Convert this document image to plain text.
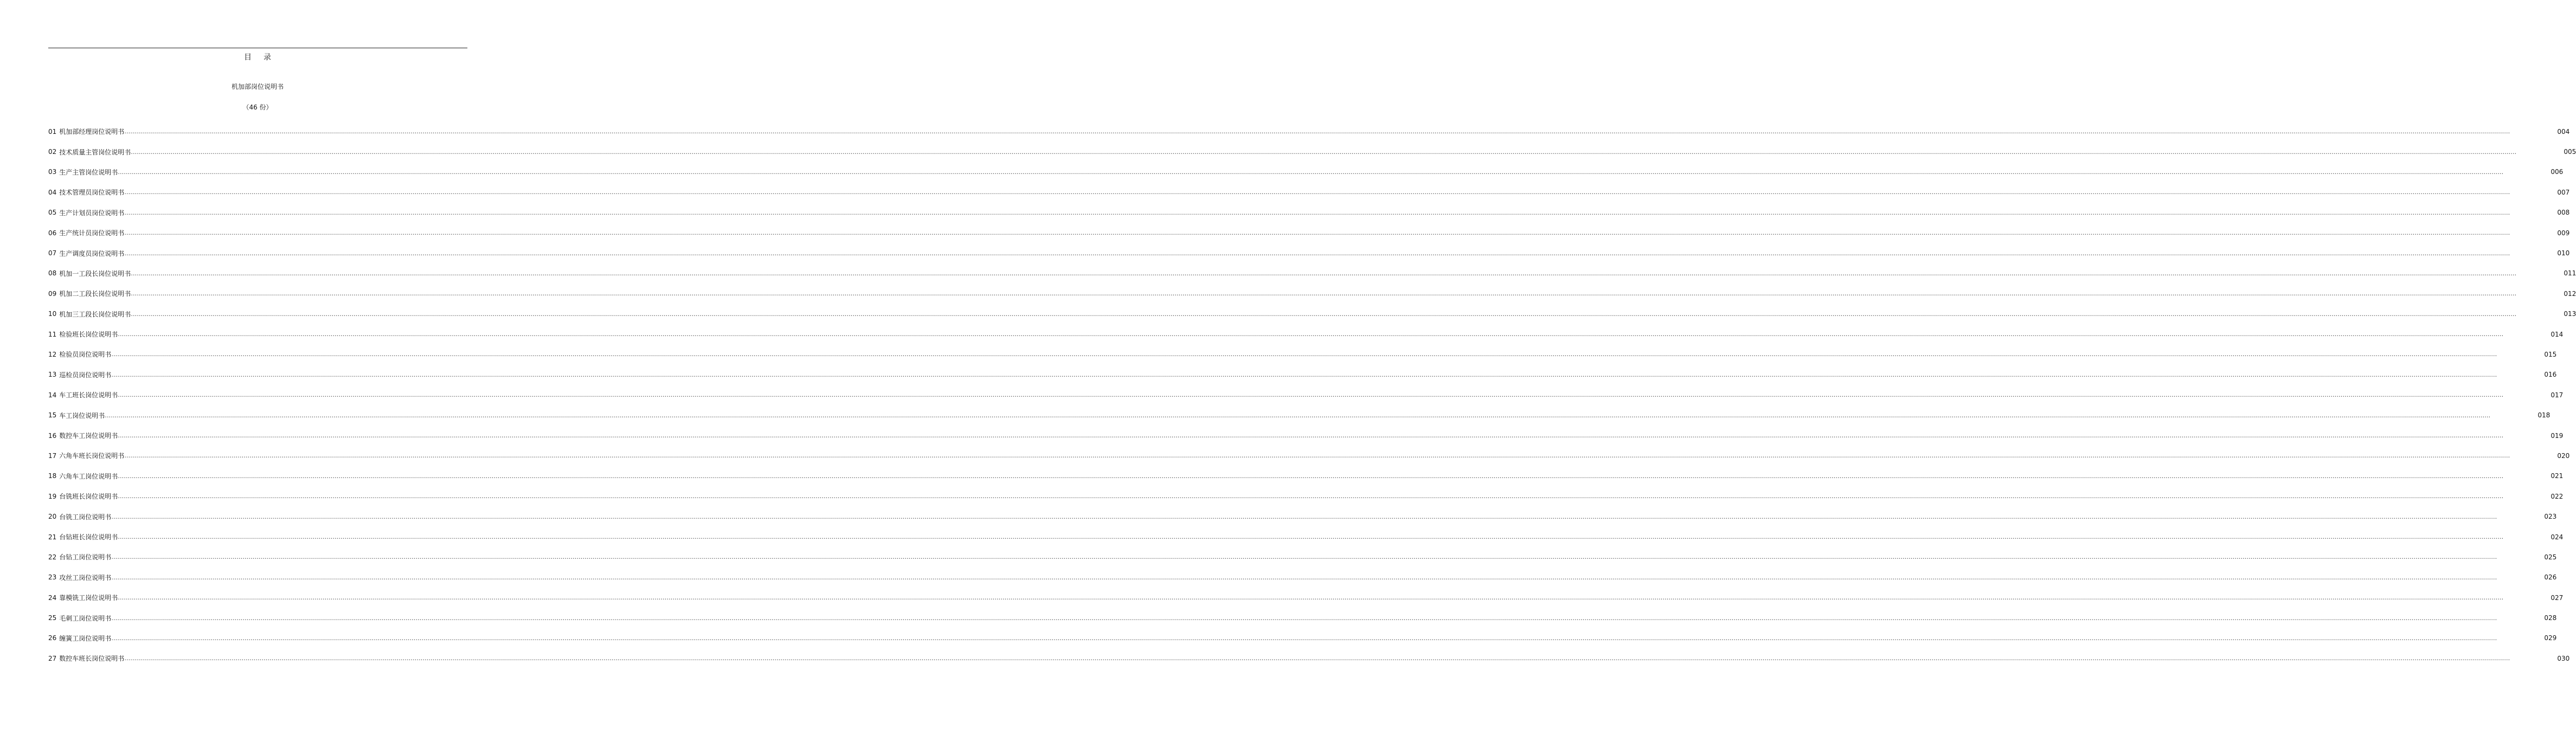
目录
机加部岗位说明书
（46 份）
01 机加部经理岗位说明书 …………………………………………………………………………………………………………………………………………………………………………………………………………………………………………………………………………………………………………………………………………………………………………………………………………………………………………………………………………………………………………………………………………………………………………………………………………………………………………………………………………………………………………………………………………………………………………………………………………………………………………………………………………………………………………………………………………………………………………………………………………………………………………………………………………………………………………	004
02 技术质量主管岗位说明书 …………………………………………………………………………………………………………………………………………………………………………………………………………………………………………………………………………………………………………………………………………………………………………………………………………………………………………………………………………………………………………………………………………………………………………………………………………………………………………………………………………………………………………………………………………………………………………………………………………………………………………………………………………………………………………………………………………………………………………………………………………………………………………………………………………………………………………	005
03 生产主管岗位说明书 …………………………………………………………………………………………………………………………………………………………………………………………………………………………………………………………………………………………………………………………………………………………………………………………………………………………………………………………………………………………………………………………………………………………………………………………………………………………………………………………………………………………………………………………………………………………………………………………………………………………………………………………………………………………………………………………………………………………………………………………………………………………………………………………………………………………………………	006
04 技术管理员岗位说明书 …………………………………………………………………………………………………………………………………………………………………………………………………………………………………………………………………………………………………………………………………………………………………………………………………………………………………………………………………………………………………………………………………………………………………………………………………………………………………………………………………………………………………………………………………………………………………………………………………………………………………………………………………………………………………………………………………………………………………………………………………………………………………………………………………………………………………………	007
05 生产计划员岗位说明书 …………………………………………………………………………………………………………………………………………………………………………………………………………………………………………………………………………………………………………………………………………………………………………………………………………………………………………………………………………………………………………………………………………………………………………………………………………………………………………………………………………………………………………………………………………………………………………………………………………………………………………………………………………………………………………………………………………………………………………………………………………………………………………………………………………………………………………	008
06 生产统计员岗位说明书 …………………………………………………………………………………………………………………………………………………………………………………………………………………………………………………………………………………………………………………………………………………………………………………………………………………………………………………………………………………………………………………………………………………………………………………………………………………………………………………………………………………………………………………………………………………………………………………………………………………………………………………………………………………………………………………………………………………………………………………………………………………………………………………………………………………………………………	009
07 生产调度员岗位说明书 …………………………………………………………………………………………………………………………………………………………………………………………………………………………………………………………………………………………………………………………………………………………………………………………………………………………………………………………………………………………………………………………………………………………………………………………………………………………………………………………………………………………………………………………………………………………………………………………………………………………………………………………………………………………………………………………………………………………………………………………………………………………………………………………………………………………………………	010
08 机加一工段长岗位说明书 …………………………………………………………………………………………………………………………………………………………………………………………………………………………………………………………………………………………………………………………………………………………………………………………………………………………………………………………………………………………………………………………………………………………………………………………………………………………………………………………………………………………………………………………………………………………………………………………………………………………………………………………………………………………………………………………………………………………………………………………………………………………………………………………………………………………………………	011
09 机加二工段长岗位说明书 …………………………………………………………………………………………………………………………………………………………………………………………………………………………………………………………………………………………………………………………………………………………………………………………………………………………………………………………………………………………………………………………………………………………………………………………………………………………………………………………………………………………………………………………………………………………………………………………………………………………………………………………………………………………………………………………………………………………………………………………………………………………………………………………………………………………………………	012
10 机加三工段长岗位说明书 …………………………………………………………………………………………………………………………………………………………………………………………………………………………………………………………………………………………………………………………………………………………………………………………………………………………………………………………………………………………………………………………………………………………………………………………………………………………………………………………………………………………………………………………………………………………………………………………………………………………………………………………………………………………………………………………………………………………………………………………………………………………………………………………………………………………………………	013
11 检验班长岗位说明书 …………………………………………………………………………………………………………………………………………………………………………………………………………………………………………………………………………………………………………………………………………………………………………………………………………………………………………………………………………………………………………………………………………………………………………………………………………………………………………………………………………………………………………………………………………………………………………………………………………………………………………………………………………………………………………………………………………………………………………………………………………………………………………………………………………………………………………	014
12 检验员岗位说明书 …………………………………………………………………………………………………………………………………………………………………………………………………………………………………………………………………………………………………………………………………………………………………………………………………………………………………………………………………………………………………………………………………………………………………………………………………………………………………………………………………………………………………………………………………………………………………………………………………………………………………………………………………………………………………………………………………………………………………………………………………………………………………………………………………………………………………………	015
13 巡检员岗位说明书 …………………………………………………………………………………………………………………………………………………………………………………………………………………………………………………………………………………………………………………………………………………………………………………………………………………………………………………………………………………………………………………………………………………………………………………………………………………………………………………………………………………………………………………………………………………………………………………………………………………………………………………………………………………………………………………………………………………………………………………………………………………………………………………………………………………………………………	016
14 车工班长岗位说明书 …………………………………………………………………………………………………………………………………………………………………………………………………………………………………………………………………………………………………………………………………………………………………………………………………………………………………………………………………………………………………………………………………………………………………………………………………………………………………………………………………………………………………………………………………………………………………………………………………………………………………………………………………………………………………………………………………………………………………………………………………………………………………………………………………………………………………………	017
15 车工岗位说明书 …………………………………………………………………………………………………………………………………………………………………………………………………………………………………………………………………………………………………………………………………………………………………………………………………………………………………………………………………………………………………………………………………………………………………………………………………………………………………………………………………………………………………………………………………………………………………………………………………………………………………………………………………………………………………………………………………………………………………………………………………………………………………………………………………………………………………………	018
16 数控车工岗位说明书 …………………………………………………………………………………………………………………………………………………………………………………………………………………………………………………………………………………………………………………………………………………………………………………………………………………………………………………………………………………………………………………………………………………………………………………………………………………………………………………………………………………………………………………………………………………………………………………………………………………………………………………………………………………………………………………………………………………………………………………………………………………………………………………………………………………………………………	019
17 六角车班长岗位说明书 …………………………………………………………………………………………………………………………………………………………………………………………………………………………………………………………………………………………………………………………………………………………………………………………………………………………………………………………………………………………………………………………………………………………………………………………………………………………………………………………………………………………………………………………………………………………………………………………………………………………………………………………………………………………………………………………………………………………………………………………………………………………………………………………………………………………………………	020
18 六角车工岗位说明书 …………………………………………………………………………………………………………………………………………………………………………………………………………………………………………………………………………………………………………………………………………………………………………………………………………………………………………………………………………………………………………………………………………………………………………………………………………………………………………………………………………………………………………………………………………………………………………………………………………………………………………………………………………………………………………………………………………………………………………………………………………………………………………………………………………………………………………	021
19 台铣班长岗位说明书 …………………………………………………………………………………………………………………………………………………………………………………………………………………………………………………………………………………………………………………………………………………………………………………………………………………………………………………………………………………………………………………………………………………………………………………………………………………………………………………………………………………………………………………………………………………………………………………………………………………………………………………………………………………………………………………………………………………………………………………………………………………………………………………………………………………………………………	022
20 台铣工岗位说明书 …………………………………………………………………………………………………………………………………………………………………………………………………………………………………………………………………………………………………………………………………………………………………………………………………………………………………………………………………………………………………………………………………………………………………………………………………………………………………………………………………………………………………………………………………………………………………………………………………………………………………………………………………………………………………………………………………………………………………………………………………………………………………………………………………………………………………………	023
21 台钻班长岗位说明书 …………………………………………………………………………………………………………………………………………………………………………………………………………………………………………………………………………………………………………………………………………………………………………………………………………………………………………………………………………………………………………………………………………………………………………………………………………………………………………………………………………………………………………………………………………………………………………………………………………………………………………………………………………………………………………………………………………………………………………………………………………………………………………………………………………………………………………	024
22 台钻工岗位说明书 …………………………………………………………………………………………………………………………………………………………………………………………………………………………………………………………………………………………………………………………………………………………………………………………………………………………………………………………………………………………………………………………………………………………………………………………………………………………………………………………………………………………………………………………………………………………………………………………………………………………………………………………………………………………………………………………………………………………………………………………………………………………………………………………………………………………………………	025
23 攻丝工岗位说明书 …………………………………………………………………………………………………………………………………………………………………………………………………………………………………………………………………………………………………………………………………………………………………………………………………………………………………………………………………………………………………………………………………………………………………………………………………………………………………………………………………………………………………………………………………………………………………………………………………………………………………………………………………………………………………………………………………………………………………………………………………………………………………………………………………………………………………………	026
24 靠模铣工岗位说明书 …………………………………………………………………………………………………………………………………………………………………………………………………………………………………………………………………………………………………………………………………………………………………………………………………………………………………………………………………………………………………………………………………………………………………………………………………………………………………………………………………………………………………………………………………………………………………………………………………………………………………………………………………………………………………………………………………………………………………………………………………………………………………………………………………………………………………………	027
25 毛刺工岗位说明书 …………………………………………………………………………………………………………………………………………………………………………………………………………………………………………………………………………………………………………………………………………………………………………………………………………………………………………………………………………………………………………………………………………………………………………………………………………………………………………………………………………………………………………………………………………………………………………………………………………………………………………………………………………………………………………………………………………………………………………………………………………………………………………………………………………………………………………	028
26 缠簧工岗位说明书 …………………………………………………………………………………………………………………………………………………………………………………………………………………………………………………………………………………………………………………………………………………………………………………………………………………………………………………………………………………………………………………………………………………………………………………………………………………………………………………………………………………………………………………………………………………………………………………………………………………………………………………………………………………………………………………………………………………………………………………………………………………………………………………………………………………………………………	029
27 数控车班长岗位说明书 …………………………………………………………………………………………………………………………………………………………………………………………………………………………………………………………………………………………………………………………………………………………………………………………………………………………………………………………………………………………………………………………………………………………………………………………………………………………………………………………………………………………………………………………………………………………………………………………………………………………………………………………………………………………………………………………………………………………………………………………………………………………………………………………………………………………………………	030
